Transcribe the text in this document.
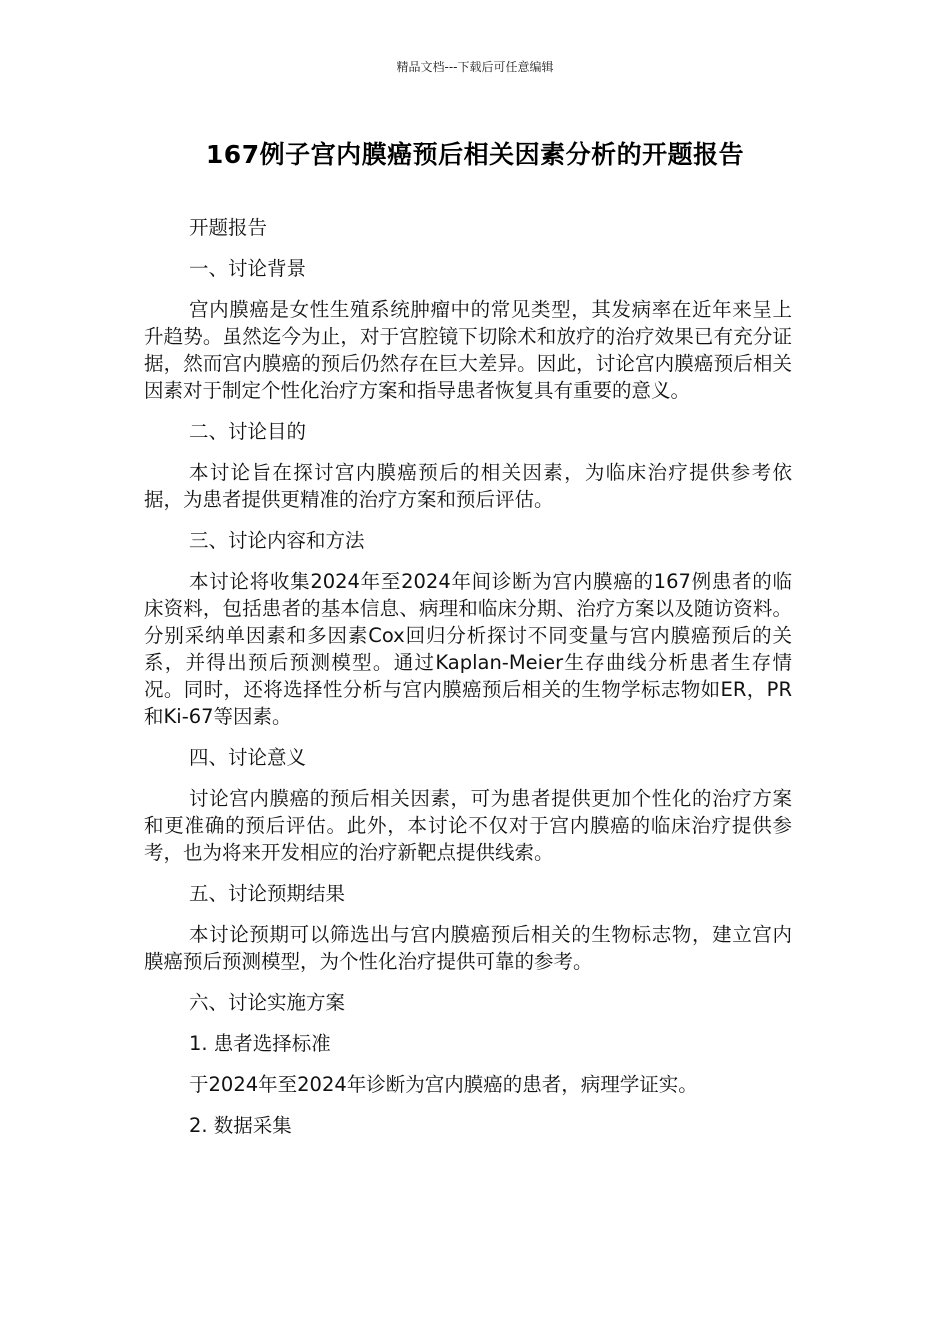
精品文档---下载后可任意编辑
167例子宫内膜癌预后相关因素分析的开题报告
开题报告
一、讨论背景
宫内膜癌是女性生殖系统肿瘤中的常见类型，其发病率在近年来呈上升趋势。虽然迄今为止，对于宫腔镜下切除术和放疗的治疗效果已有充分证据，然而宫内膜癌的预后仍然存在巨大差异。因此，讨论宫内膜癌预后相关因素对于制定个性化治疗方案和指导患者恢复具有重要的意义。
二、讨论目的
本讨论旨在探讨宫内膜癌预后的相关因素，为临床治疗提供参考依据，为患者提供更精准的治疗方案和预后评估。
三、讨论内容和方法
本讨论将收集2024年至2024年间诊断为宫内膜癌的167例患者的临床资料，包括患者的基本信息、病理和临床分期、治疗方案以及随访资料。分别采纳单因素和多因素Cox回归分析探讨不同变量与宫内膜癌预后的关系，并得出预后预测模型。通过Kaplan-Meier生存曲线分析患者生存情况。同时，还将选择性分析与宫内膜癌预后相关的生物学标志物如ER，PR和Ki-67等因素。
四、讨论意义
讨论宫内膜癌的预后相关因素，可为患者提供更加个性化的治疗方案和更准确的预后评估。此外，本讨论不仅对于宫内膜癌的临床治疗提供参考，也为将来开发相应的治疗新靶点提供线索。
五、讨论预期结果
本讨论预期可以筛选出与宫内膜癌预后相关的生物标志物，建立宫内膜癌预后预测模型，为个性化治疗提供可靠的参考。
六、讨论实施方案
1. 患者选择标准
于2024年至2024年诊断为宫内膜癌的患者，病理学证实。
2. 数据采集
